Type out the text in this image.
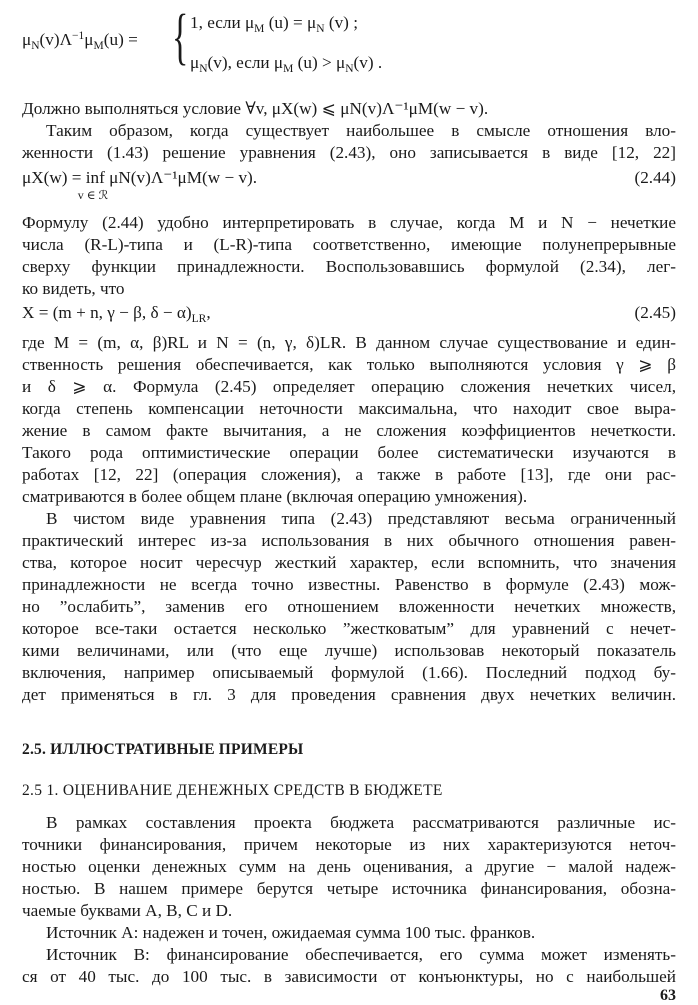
$\mu_N(v)\Lambda^{-1}\mu_M(u)$ = { 1, если $\mu_M$ $(u) = \mu_N$ (v) ;
$\mu_N(v)$, если $\mu_M$ $(u) > \mu_N(v)$ .
Должно выполняться условие ∀v, μX(w) ⩽ μN(v)Λ⁻¹μM(w − v).
Таким образом, когда существует наибольшее в смысле отношения вло-
женности (1.43) решение уравнения (2.43), оно записывается в виде [12, 22]
μX(w) = inf
v ∈ ℛ
μN(v)Λ⁻¹μM(w − v).	(2.44)
Формулу (2.44) удобно интерпретировать в случае, когда M и N − нечеткие
числа (R-L)-типа и (L-R)-типа соответственно, имеющие полунепрерывные
сверху функции принадлежности. Воспользовавшись формулой (2.34), лег-
ко видеть, что
X = (m + n, γ − β, $\delta - \alpha)_{LR}$,	(2.45)
где M = (m, α, β)RL и N = (n, γ, δ)LR. В данном случае существование и един-
ственность решения обеспечивается, как только выполняются условия γ ⩾ β
и δ ⩾ α. Формула (2.45) определяет операцию сложения нечетких чисел,
когда степень компенсации неточности максимальна, что находит свое выра-
жение в самом факте вычитания, а не сложения коэффициентов нечеткости.
Такого рода оптимистические операции более систематически изучаются в
работах [12, 22] (операция сложения), а также в работе [13], где они рас-
сматриваются в более общем плане (включая операцию умножения).
В чистом виде уравнения типа (2.43) представляют весьма ограниченный
практический интерес из-за использования в них обычного отношения равен-
ства, которое носит чересчур жесткий характер, если вспомнить, что значения
принадлежности не всегда точно известны. Равенство в формуле (2.43) мож-
но ”ослабить”, заменив его отношением вложенности нечетких множеств,
которое все-таки остается несколько ”жестковатым” для уравнений с нечет-
кими величинами, или (что еще лучше) использовав некоторый показатель
включения, например описываемый формулой (1.66). Последний подход бу-
дет применяться в гл. 3 для проведения сравнения двух нечетких величин.
2.5. ИЛЛЮСТРАТИВНЫЕ ПРИМЕРЫ
2.5 1. ОЦЕНИВАНИЕ ДЕНЕЖНЫХ СРЕДСТВ В БЮДЖЕТЕ
В рамках составления проекта бюджета рассматриваются различные ис-
точники финансирования, причем некоторые из них характеризуются неточ-
ностью оценки денежных сумм на день оценивания, а другие − малой надеж-
ностью. В нашем примере берутся четыре источника финансирования, обозна-
чаемые буквами A, B, C и D.
Источник A: надежен и точен, ожидаемая сумма 100 тыс. франков.
Источник B: финансирование обеспечивается, его сумма может изменять-
ся от 40 тыс. до 100 тыс. в зависимости от конъюнктуры, но с наибольшей
63
